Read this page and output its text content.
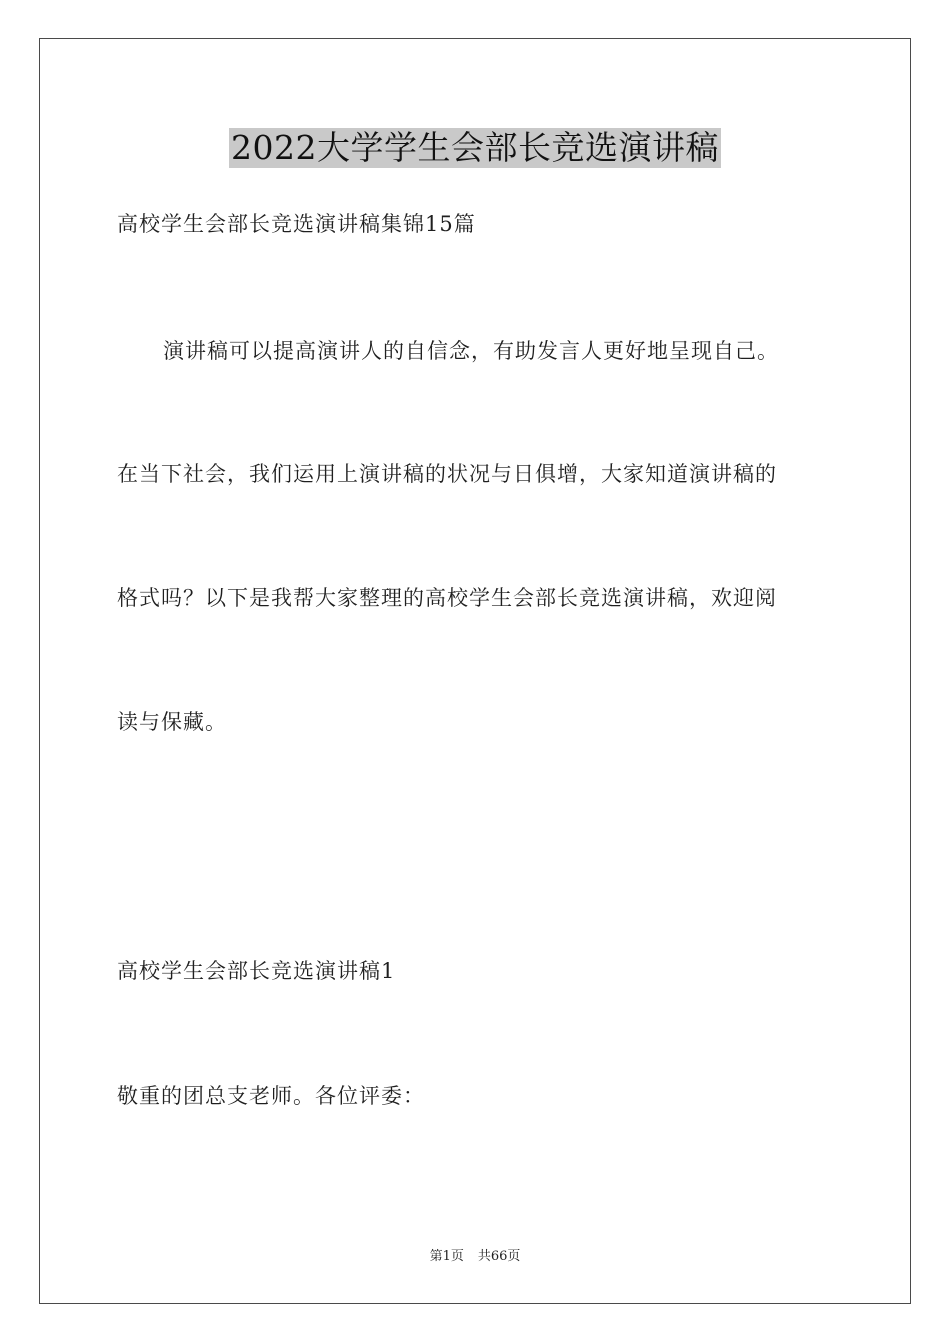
2022大学学生会部长竞选演讲稿
高校学生会部长竞选演讲稿集锦15篇
演讲稿可以提高演讲人的自信念，有助发言人更好地呈现自己。
在当下社会，我们运用上演讲稿的状况与日俱增，大家知道演讲稿的
格式吗？以下是我帮大家整理的高校学生会部长竞选演讲稿，欢迎阅
读与保藏。
高校学生会部长竞选演讲稿1
敬重的团总支老师。各位评委：
第1页 共66页
